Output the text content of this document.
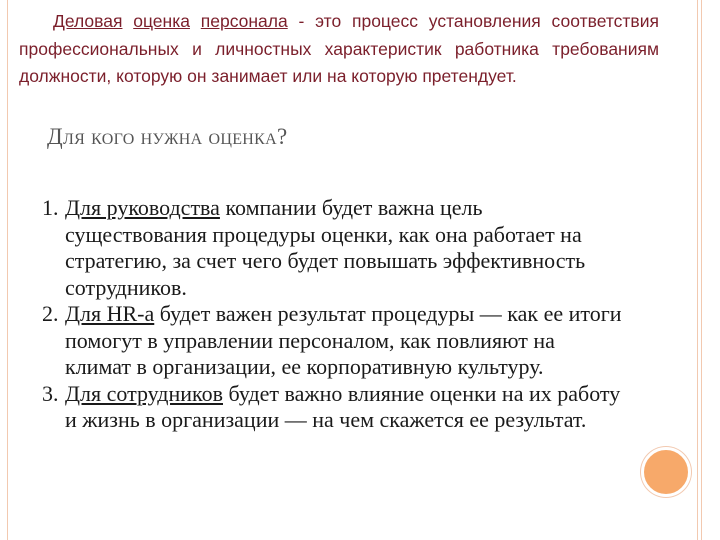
Деловая оценка персонала - это процесс установления соответствия профессиональных и личностных характеристик работника требованиям должности, которую он занимает или на которую претендует.
Для кого нужна оценка?
1. Для руководства компании будет важна цель существования процедуры оценки, как она работает на стратегию, за счет чего будет повышать эффективность сотрудников.
2. Для HR-а будет важен результат процедуры — как ее итоги помогут в управлении персоналом, как повлияют на климат в организации, ее корпоративную культуру.
3. Для сотрудников будет важно влияние оценки на их работу и жизнь в организации — на чем скажется ее результат.
